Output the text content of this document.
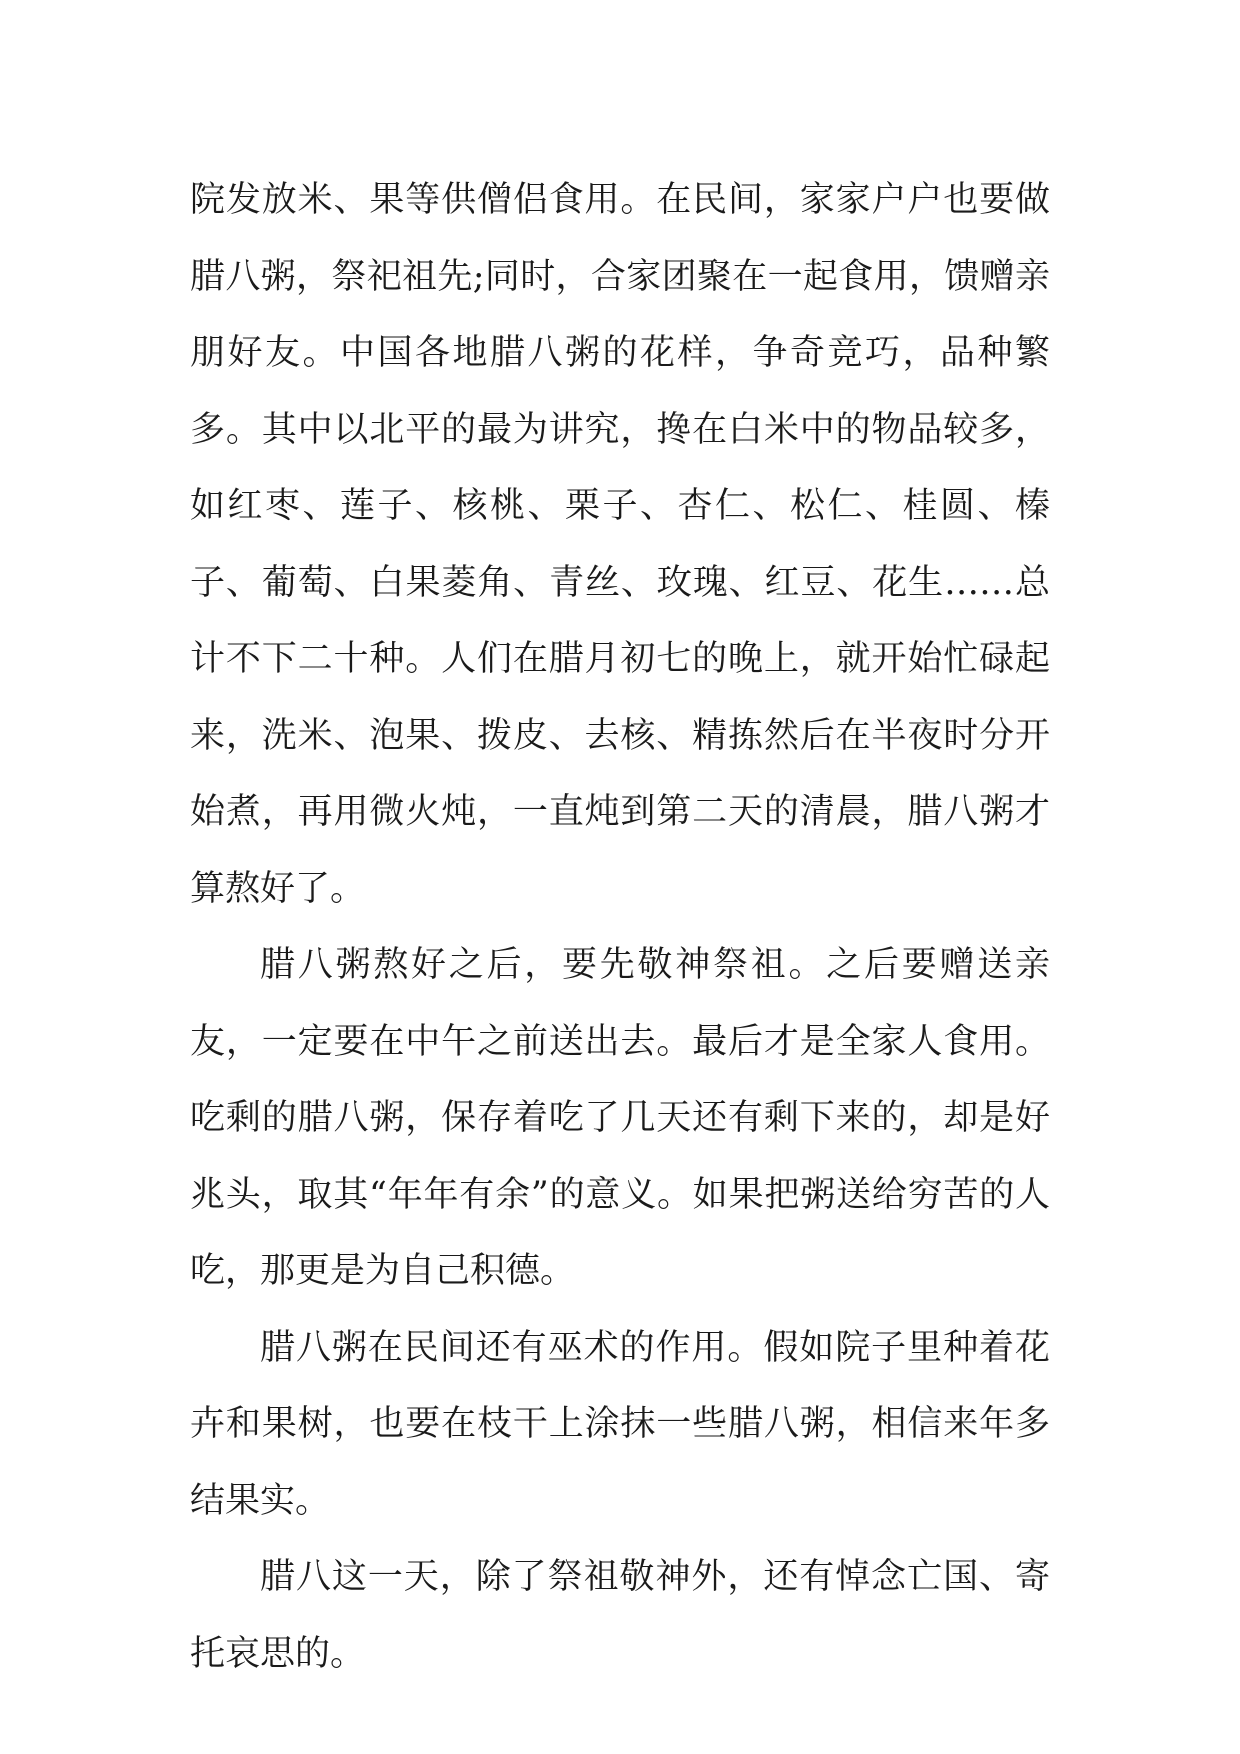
院发放米、果等供僧侣食用。在民间，家家户户也要做腊八粥，祭祀祖先;同时，合家团聚在一起食用，馈赠亲朋好友。中国各地腊八粥的花样，争奇竞巧，品种繁多。其中以北平的最为讲究，搀在白米中的物品较多，如红枣、莲子、核桃、栗子、杏仁、松仁、桂圆、榛子、葡萄、白果菱角、青丝、玫瑰、红豆、花生……总计不下二十种。人们在腊月初七的晚上，就开始忙碌起来，洗米、泡果、拨皮、去核、精拣然后在半夜时分开始煮，再用微火炖，一直炖到第二天的清晨，腊八粥才算熬好了。

腊八粥熬好之后，要先敬神祭祖。之后要赠送亲友，一定要在中午之前送出去。最后才是全家人食用。吃剩的腊八粥，保存着吃了几天还有剩下来的，却是好兆头，取其“年年有余”的意义。如果把粥送给穷苦的人吃，那更是为自己积德。

腊八粥在民间还有巫术的作用。假如院子里种着花卉和果树，也要在枝干上涂抹一些腊八粥，相信来年多结果实。

腊八这一天，除了祭祖敬神外，还有悼念亡国、寄托哀思的。
